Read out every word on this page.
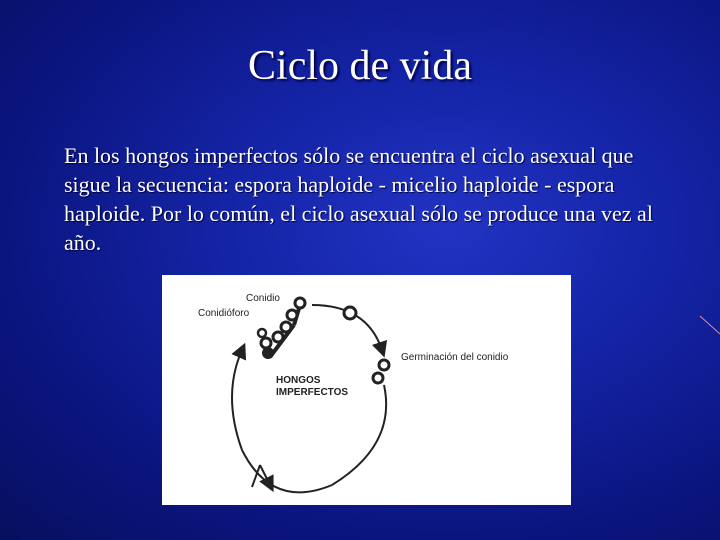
Ciclo de vida
En los hongos imperfectos sólo se encuentra el ciclo asexual que sigue la secuencia: espora haploide - micelio haploide - espora haploide. Por lo común, el ciclo asexual sólo se produce una vez al año.
Conidio
Conidióforo
Germinación del conidio
HONGOS
IMPERFECTOS
